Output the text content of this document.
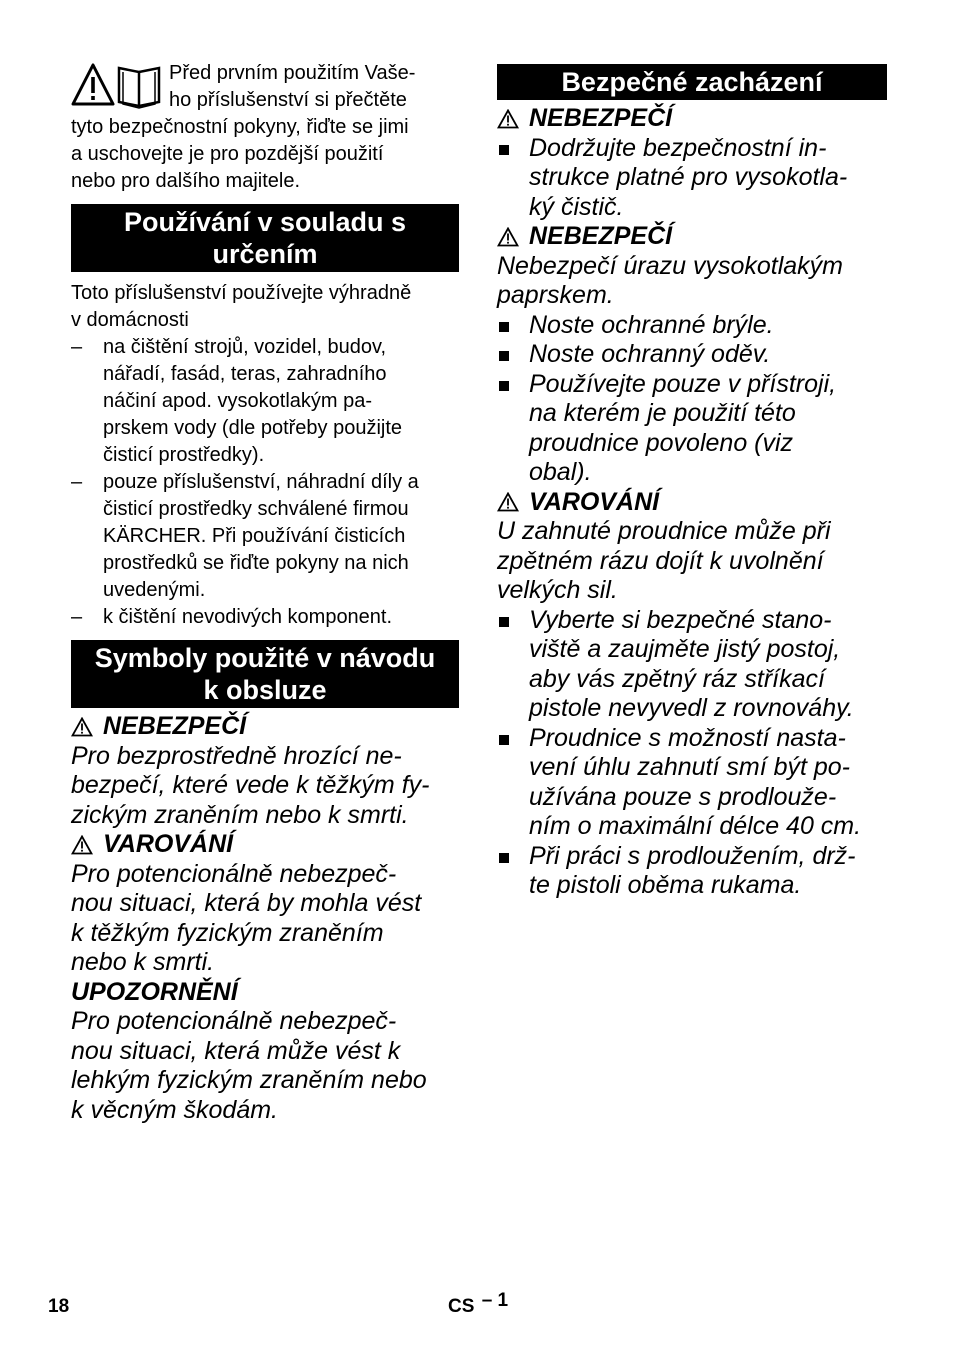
Před prvním použitím Vaše-
ho příslušenství si přečtěte
tyto bezpečnostní pokyny, řiďte se jimi
a uschovejte je pro pozdější použití
nebo pro dalšího majitele.
Používání v souladu s
určením

Toto příslušenství používejte výhradně
v domácnosti

– na čištění strojů, vozidel, budov,
nářadí, fasád, teras, zahradního
náčiní apod. vysokotlakým pa-
prskem vody (dle potřeby použijte
čisticí prostředky).
– pouze příslušenství, náhradní díly a
čisticí prostředky schválené firmou
KÄRCHER. Při používání čisticích
prostředků se řiďte pokyny na nich
uvedenými.
– k čištění nevodivých komponent.
Symboly použité v návodu
k obsluze
NEBEZPEČÍ
Pro bezprostředně hrozící ne-
bezpečí, které vede k těžkým fy-
zickým zraněním nebo k smrti.
VAROVÁNÍ
Pro potencionálně nebezpeč-
nou situaci, která by mohla vést
k těžkým fyzickým zraněním
nebo k smrti.
UPOZORNĚNÍ
Pro potencionálně nebezpeč-
nou situaci, která může vést k
lehkým fyzickým zraněním nebo
k věcným škodám.
Bezpečné zacházení
NEBEZPEČÍ
Dodržujte bezpečnostní in-
strukce platné pro vysokotla-
ký čistič.
NEBEZPEČÍ
Nebezpečí úrazu vysokotlakým
paprskem.
Noste ochranné brýle.
Noste ochranný oděv.
Používejte pouze v přístroji,
na kterém je použití této
proudnice povoleno (viz
obal).
VAROVÁNÍ
U zahnuté proudnice může při
zpětném rázu dojít k uvolnění
velkých sil.
Vyberte si bezpečné stano-
viště a zaujměte jistý postoj,
aby vás zpětný ráz stříkací
pistole nevyvedl z rovnováhy.
Proudnice s možností nasta-
vení úhlu zahnutí smí být po-
užívána pouze s prodlouže-
ním o maximální délce 40 cm.
Při práci s prodloužením, drž-
te pistoli oběma rukama.
18	CS – 1
